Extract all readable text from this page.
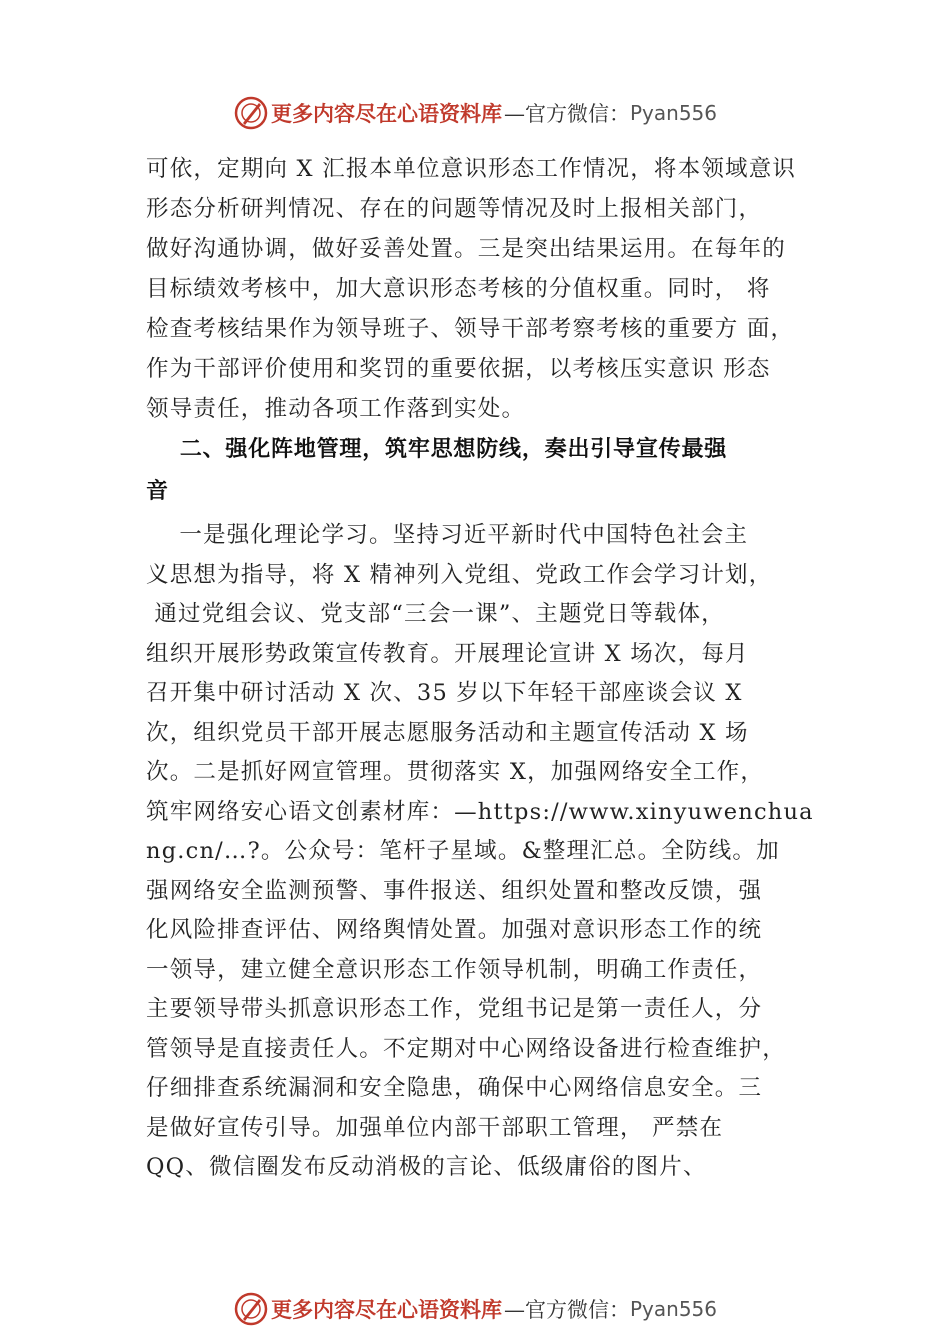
更多内容尽在心语资料库 —官方微信： Pyan556
可依，定期向 X 汇报本单位意识形态工作情况，将本领域意识
形态分析研判情况、存在的问题等情况及时上报相关部门，
做好沟通协调，做好妥善处置。三是突出结果运用。在每年的
目标绩效考核中，加大意识形态考核的分值权重。同时， 将
检查考核结果作为领导班子、领导干部考察考核的重要方 面，
作为干部评价使用和奖罚的重要依据，以考核压实意识 形态
领导责任，推动各项工作落到实处。
二、强化阵地管理，筑牢思想防线，奏出引导宣传最强
音
一是强化理论学习。坚持习近平新时代中国特色社会主
义思想为指导，将 X 精神列入党组、党政工作会学习计划，
通过党组会议、党支部“三会一课”、主题党日等载体，
组织开展形势政策宣传教育。开展理论宣讲 X 场次，每月
召开集中研讨活动 X 次、35 岁以下年轻干部座谈会议 X
次，组织党员干部开展志愿服务活动和主题宣传活动 X 场
次。二是抓好网宣管理。贯彻落实 X，加强网络安全工作，
筑牢网络安心语文创素材库：—https://www.xinyuwenchua
ng.cn/…?。公众号：笔杆子星域。&整理汇总。全防线。加
强网络安全监测预警、事件报送、组织处置和整改反馈，强
化风险排查评估、网络舆情处置。加强对意识形态工作的统
一领导，建立健全意识形态工作领导机制，明确工作责任，
主要领导带头抓意识形态工作，党组书记是第一责任人，分
管领导是直接责任人。不定期对中心网络设备进行检查维护，
仔细排查系统漏洞和安全隐患，确保中心网络信息安全。三
是做好宣传引导。加强单位内部干部职工管理， 严禁在
QQ、微信圈发布反动消极的言论、低级庸俗的图片、
更多内容尽在心语资料库 —官方微信： Pyan556
